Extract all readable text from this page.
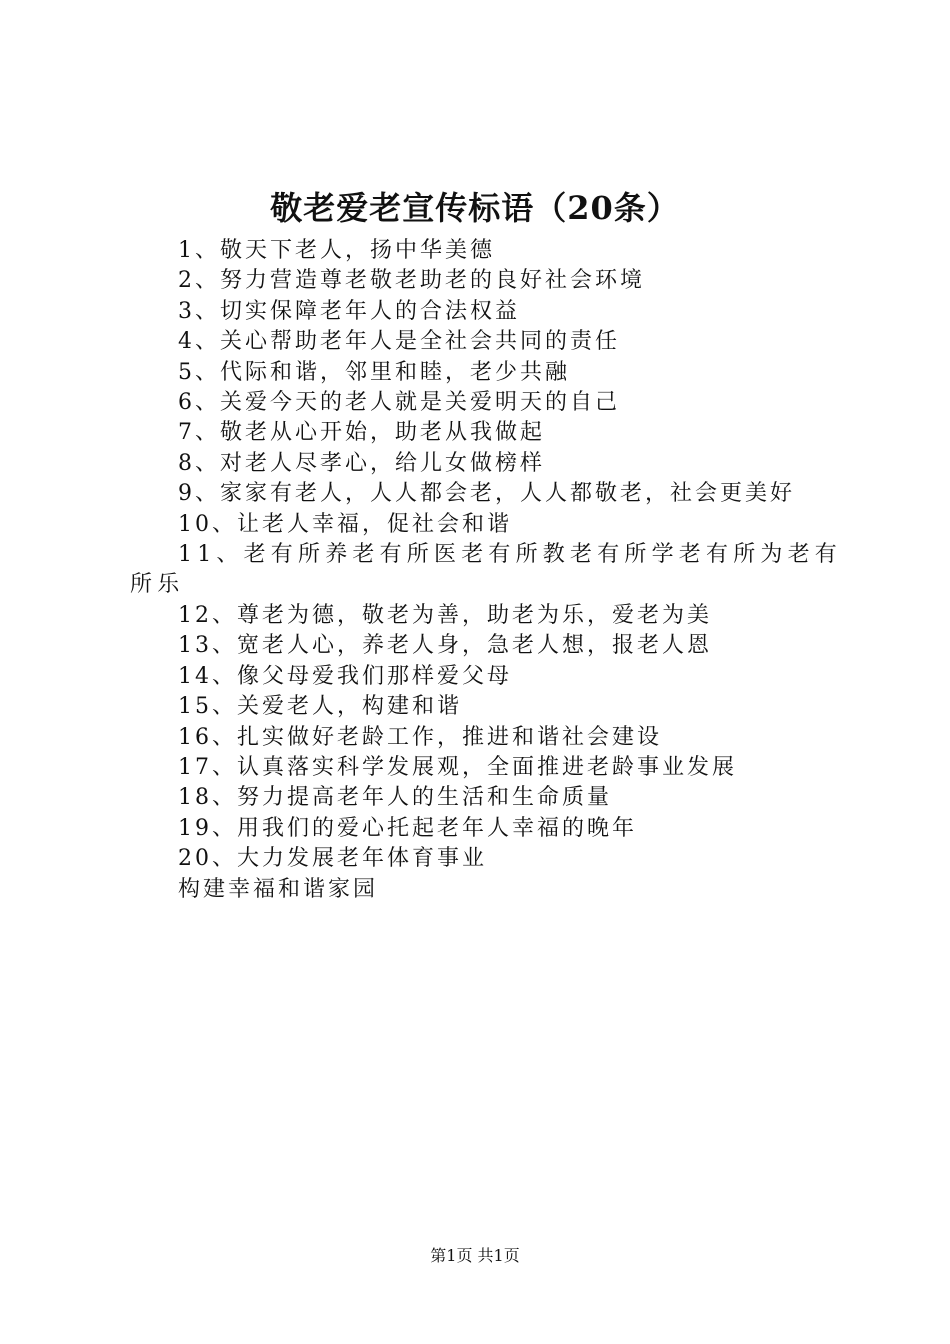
敬老爱老宣传标语（20条）
1、敬天下老人，扬中华美德
2、努力营造尊老敬老助老的良好社会环境
3、切实保障老年人的合法权益
4、关心帮助老年人是全社会共同的责任
5、代际和谐，邻里和睦，老少共融
6、关爱今天的老人就是关爱明天的自己
7、敬老从心开始，助老从我做起
8、对老人尽孝心，给儿女做榜样
9、家家有老人，人人都会老，人人都敬老，社会更美好
10、让老人幸福，促社会和谐
11、老有所养老有所医老有所教老有所学老有所为老有所乐
12、尊老为德，敬老为善，助老为乐，爱老为美
13、宽老人心，养老人身，急老人想，报老人恩
14、像父母爱我们那样爱父母
15、关爱老人，构建和谐
16、扎实做好老龄工作，推进和谐社会建设
17、认真落实科学发展观，全面推进老龄事业发展
18、努力提高老年人的生活和生命质量
19、用我们的爱心托起老年人幸福的晚年
20、大力发展老年体育事业
构建幸福和谐家园
第1页 共1页
